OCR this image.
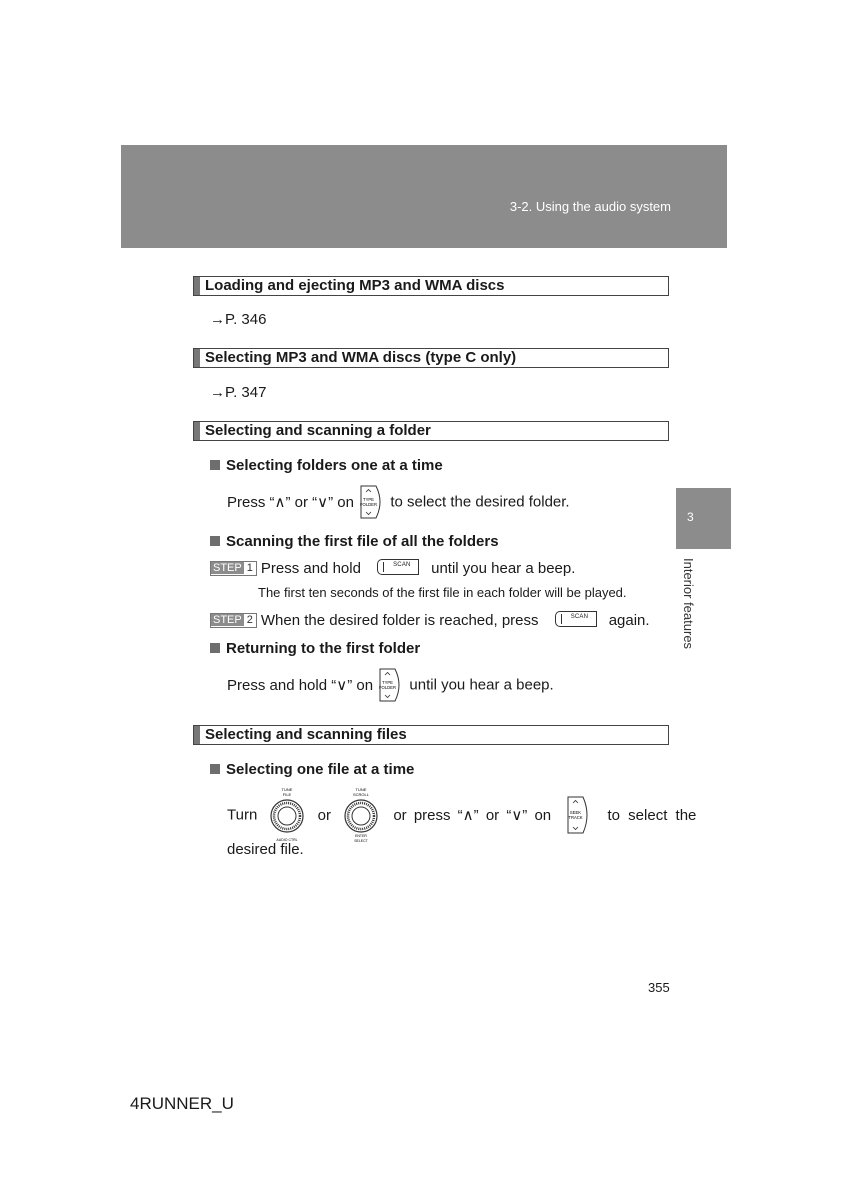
3-2. Using the audio system
3
Interior features
Loading and ejecting MP3 and WMA discs
→P. 346
Selecting MP3 and WMA discs (type C only)
→P. 347
Selecting and scanning a folder
Selecting folders one at a time
Press “∧” or “∨” on TYPE
FOLDER to select the desired folder.
Scanning the first file of all the folders
STEP 1 Press and hold	SCAN until you hear a beep.
The first ten seconds of the first file in each folder will be played.
STEP 2 When the desired folder is reached, press	SCAN again.
Returning to the first folder
Press and hold “∨” on TYPE
FOLDER until you hear a beep.
Selecting and scanning files
Selecting one file at a time
Turn
TUNE
FILE
AUDIO CTRL
or
TUNE
SCROLL
ENTER
SELECT
or press “∧” or “∨” on	SEEK
TRACK to select the
desired file.
355
4RUNNER_U
